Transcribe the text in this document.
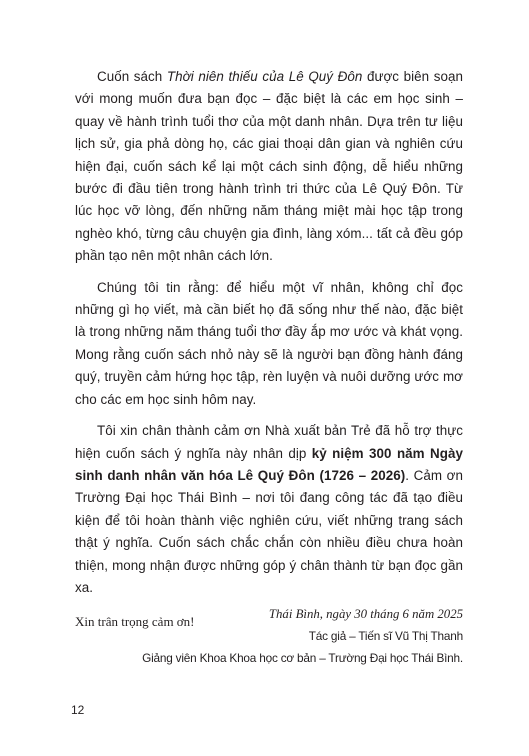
Cuốn sách Thời niên thiếu của Lê Quý Đôn được biên soạn với mong muốn đưa bạn đọc – đặc biệt là các em học sinh – quay về hành trình tuổi thơ của một danh nhân. Dựa trên tư liệu lịch sử, gia phả dòng họ, các giai thoại dân gian và nghiên cứu hiện đại, cuốn sách kể lại một cách sinh động, dễ hiểu những bước đi đầu tiên trong hành trình tri thức của Lê Quý Đôn. Từ lúc học vỡ lòng, đến những năm tháng miệt mài học tập trong nghèo khó, từng câu chuyện gia đình, làng xóm... tất cả đều góp phần tạo nên một nhân cách lớn.

Chúng tôi tin rằng: để hiểu một vĩ nhân, không chỉ đọc những gì họ viết, mà cần biết họ đã sống như thế nào, đặc biệt là trong những năm tháng tuổi thơ đầy ắp mơ ước và khát vọng. Mong rằng cuốn sách nhỏ này sẽ là người bạn đồng hành đáng quý, truyền cảm hứng học tập, rèn luyện và nuôi dưỡng ước mơ cho các em học sinh hôm nay.

Tôi xin chân thành cảm ơn Nhà xuất bản Trẻ đã hỗ trợ thực hiện cuốn sách ý nghĩa này nhân dịp kỷ niệm 300 năm Ngày sinh danh nhân văn hóa Lê Quý Đôn (1726 – 2026). Cảm ơn Trường Đại học Thái Bình – nơi tôi đang công tác đã tạo điều kiện để tôi hoàn thành việc nghiên cứu, viết những trang sách thật ý nghĩa. Cuốn sách chắc chắn còn nhiều điều chưa hoàn thiện, mong nhận được những góp ý chân thành từ bạn đọc gần xa.

Xin trân trọng cảm ơn!

Thái Bình, ngày 30 tháng 6 năm 2025
Tác giả – Tiến sĩ Vũ Thị Thanh
Giảng viên Khoa Khoa học cơ bản – Trường Đại học Thái Bình.
12
